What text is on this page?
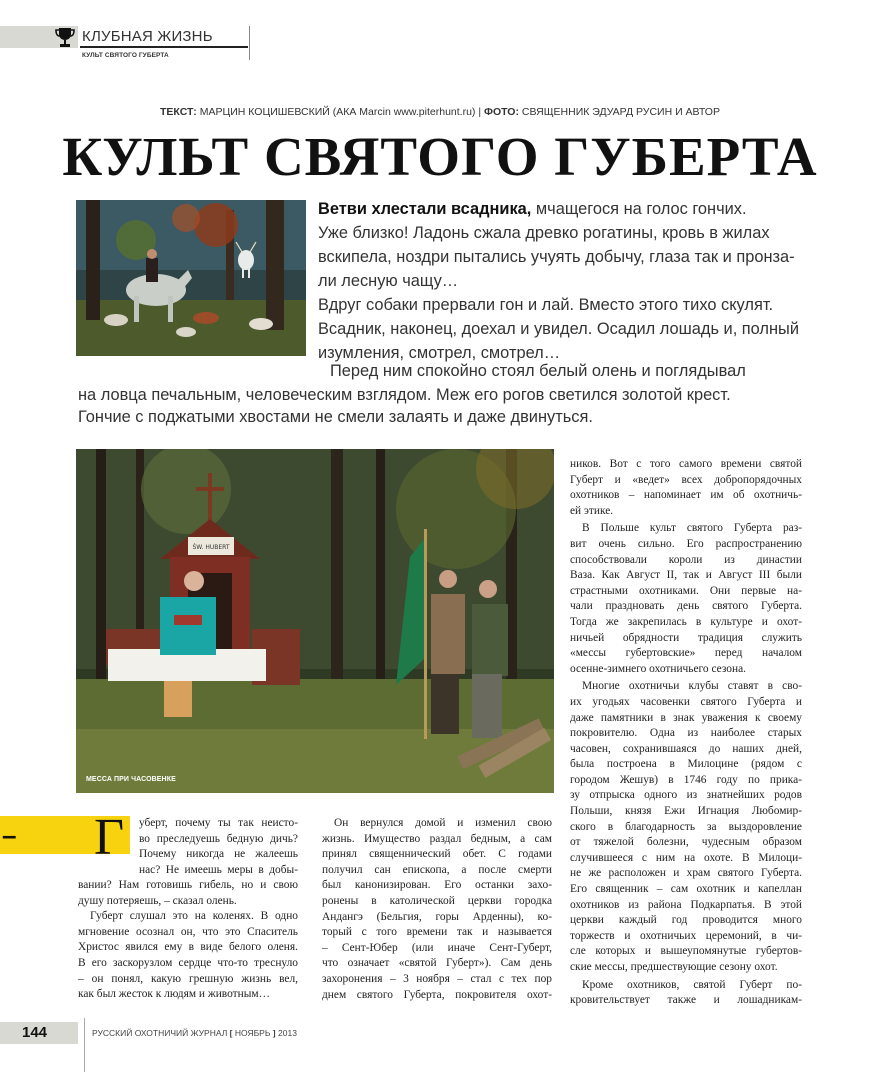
КЛУБНАЯ ЖИЗНЬ
КУЛЬТ СВЯТОГО ГУБЕРТА
ТЕКСТ: МАРЦИН КОЦИШЕВСКИЙ (АКА Marcin www.piterhunt.ru) | ФОТО: СВЯЩЕННИК ЭДУАРД РУСИН И АВТОР
КУЛЬТ СВЯТОГО ГУБЕРТА
Ветви хлестали всадника, мчащегося на голос гончих.
Уже близко! Ладонь сжала древко рогатины, кровь в жилах
вскипела, ноздри пытались учуять добычу, глаза так и пронза-
ли лесную чащу…
Вдруг собаки прервали гон и лай. Вместо этого тихо скулят.
Всадник, наконец, доехал и увидел. Осадил лошадь и, полный
изумления, смотрел, смотрел…
Перед ним спокойно стоял белый олень и поглядывал
на ловца печальным, человеческим взглядом. Меж его рогов светился золотой крест.
Гончие с поджатыми хвостами не смели залаять и даже двинуться.
ŚW. HUBERT
МЕССА ПРИ ЧАСОВЕНКЕ
– Г уберт, почему ты так неисто-
во преследуешь бедную дичь?
Почему никогда не жалеешь
нас? Не имеешь меры в добы-
вании? Нам готовишь гибель, но и свою
душу потеряешь, – сказал олень.
Губерт слушал это на коленях. В одно
мгновение осознал он, что это Спаситель
Христос явился ему в виде белого оленя.
В его заскорузлом сердце что-то треснуло
– он понял, какую грешную жизнь вел,
как был жесток к людям и животным…
Он вернулся домой и изменил свою
жизнь. Имущество раздал бедным, а сам
принял священнический обет. С годами
получил сан епископа, а после смерти
был канонизирован. Его останки захо-
ронены в католической церкви городка
Андангэ (Бельгия, горы Арденны), ко-
торый с того времени так и называется
– Сент-Юбер (или иначе Сент-Губерт,
что означает «святой Губерт»). Сам день
захоронения – 3 ноября – стал с тех пор
днем святого Губерта, покровителя охот-
ников. Вот с того самого времени святой
Губерт и «ведет» всех добропорядочных
охотников – напоминает им об охотничь-
ей этике.
В Польше культ святого Губерта раз-
вит очень сильно. Его распространению
способствовали короли из династии
Ваза. Как Август II, так и Август III были
страстными охотниками. Они первые на-
чали праздновать день святого Губерта.
Тогда же закрепилась в культуре и охот-
ничьей обрядности традиция служить
«мессы губертовские» перед началом
осенне-зимнего охотничьего сезона.
Многие охотничьи клубы ставят в сво-
их угодьях часовенки святого Губерта и
даже памятники в знак уважения к своему
покровителю. Одна из наиболее старых
часовен, сохранившаяся до наших дней,
была построена в Милоцине (рядом с
городом Жешув) в 1746 году по прика-
зу отпрыска одного из знатнейших родов
Польши, князя Ежи Игнация Любомир-
ского в благодарность за выздоровление
от тяжелой болезни, чудесным образом
случившееся с ним на охоте. В Милоци-
не же расположен и храм святого Губерта.
Его священник – сам охотник и капеллан
охотников из района Подкарпатья. В этой
церкви каждый год проводится много
торжеств и охотничьих церемоний, в чи-
сле которых и вышеупомянутые губертов-
ские мессы, предшествующие сезону охот.
Кроме охотников, святой Губерт по-
кровительствует также и лошадникам-
144	РУССКИЙ ОХОТНИЧИЙ ЖУРНАЛ [ НОЯБРЬ ] 2013
